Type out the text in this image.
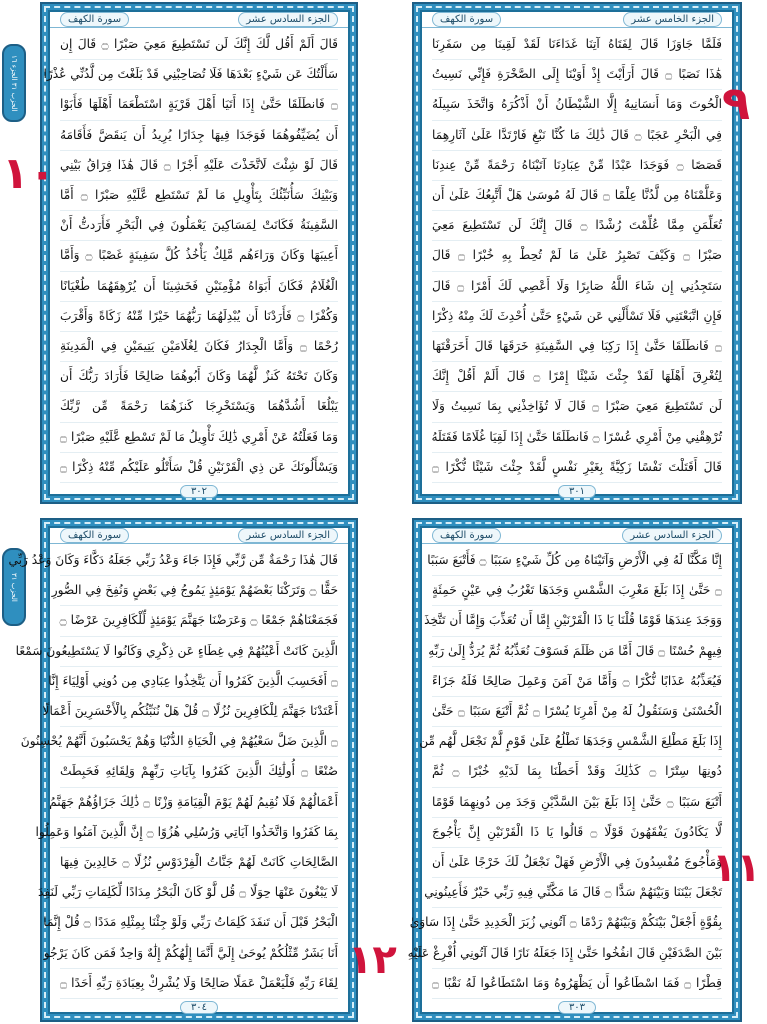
الحزب ٣١ الجزء ١٦
الحزب ٣١
سورة الكهف	الجزء السادس عشر
قَالَ أَلَمْ أَقُل لَّكَ إِنَّكَ لَن تَسْتَطِيعَ مَعِيَ صَبْرًا ۝ قَالَ إِن
سَأَلْتُكَ عَن شَيْءٍ بَعْدَهَا فَلَا تُصَاحِبْنِي قَدْ بَلَغْتَ مِن لَّدُنِّي عُذْرًا
۝ فَانطَلَقَا حَتَّىٰ إِذَا أَتَيَا أَهْلَ قَرْيَةٍ اسْتَطْعَمَا أَهْلَهَا فَأَبَوْا
أَن يُضَيِّفُوهُمَا فَوَجَدَا فِيهَا جِدَارًا يُرِيدُ أَن يَنقَضَّ فَأَقَامَهُ
قَالَ لَوْ شِئْتَ لَاتَّخَذْتَ عَلَيْهِ أَجْرًا ۝ قَالَ هَٰذَا فِرَاقُ بَيْنِي
وَبَيْنِكَ سَأُنَبِّئُكَ بِتَأْوِيلِ مَا لَمْ تَسْتَطِع عَّلَيْهِ صَبْرًا ۝ أَمَّا
السَّفِينَةُ فَكَانَتْ لِمَسَاكِينَ يَعْمَلُونَ فِي الْبَحْرِ فَأَرَدتُّ أَنْ
أَعِيبَهَا وَكَانَ وَرَاءَهُم مَّلِكٌ يَأْخُذُ كُلَّ سَفِينَةٍ غَصْبًا ۝ وَأَمَّا
الْغُلَامُ فَكَانَ أَبَوَاهُ مُؤْمِنَيْنِ فَخَشِينَا أَن يُرْهِقَهُمَا طُغْيَانًا
وَكُفْرًا ۝ فَأَرَدْنَا أَن يُبْدِلَهُمَا رَبُّهُمَا خَيْرًا مِّنْهُ زَكَاةً وَأَقْرَبَ
رُحْمًا ۝ وَأَمَّا الْجِدَارُ فَكَانَ لِغُلَامَيْنِ يَتِيمَيْنِ فِي الْمَدِينَةِ
وَكَانَ تَحْتَهُ كَنزٌ لَّهُمَا وَكَانَ أَبُوهُمَا صَالِحًا فَأَرَادَ رَبُّكَ أَن
يَبْلُغَا أَشُدَّهُمَا وَيَسْتَخْرِجَا كَنزَهُمَا رَحْمَةً مِّن رَّبِّكَ
وَمَا فَعَلْتُهُ عَنْ أَمْرِي ذَٰلِكَ تَأْوِيلُ مَا لَمْ تَسْطِع عَّلَيْهِ صَبْرًا ۝
وَيَسْأَلُونَكَ عَن ذِي الْقَرْنَيْنِ قُلْ سَأَتْلُو عَلَيْكُم مِّنْهُ ذِكْرًا ۝
٣٠٢
سورة الكهف	الجزء الخامس عشر
فَلَمَّا جَاوَزَا قَالَ لِفَتَاهُ آتِنَا غَدَاءَنَا لَقَدْ لَقِينَا مِن سَفَرِنَا
هَٰذَا نَصَبًا ۝ قَالَ أَرَأَيْتَ إِذْ أَوَيْنَا إِلَى الصَّخْرَةِ فَإِنِّي نَسِيتُ
الْحُوتَ وَمَا أَنسَانِيهُ إِلَّا الشَّيْطَانُ أَنْ أَذْكُرَهُ وَاتَّخَذَ سَبِيلَهُ
فِي الْبَحْرِ عَجَبًا ۝ قَالَ ذَٰلِكَ مَا كُنَّا نَبْغِ فَارْتَدَّا عَلَىٰ آثَارِهِمَا
قَصَصًا ۝ فَوَجَدَا عَبْدًا مِّنْ عِبَادِنَا آتَيْنَاهُ رَحْمَةً مِّنْ عِندِنَا
وَعَلَّمْنَاهُ مِن لَّدُنَّا عِلْمًا ۝ قَالَ لَهُ مُوسَىٰ هَلْ أَتَّبِعُكَ عَلَىٰ أَن
تُعَلِّمَنِ مِمَّا عُلِّمْتَ رُشْدًا ۝ قَالَ إِنَّكَ لَن تَسْتَطِيعَ مَعِيَ
صَبْرًا ۝ وَكَيْفَ تَصْبِرُ عَلَىٰ مَا لَمْ تُحِطْ بِهِ خُبْرًا ۝ قَالَ
سَتَجِدُنِي إِن شَاءَ اللَّهُ صَابِرًا وَلَا أَعْصِي لَكَ أَمْرًا ۝ قَالَ
فَإِنِ اتَّبَعْتَنِي فَلَا تَسْأَلْنِي عَن شَيْءٍ حَتَّىٰ أُحْدِثَ لَكَ مِنْهُ ذِكْرًا
۝ فَانطَلَقَا حَتَّىٰ إِذَا رَكِبَا فِي السَّفِينَةِ خَرَقَهَا قَالَ أَخَرَقْتَهَا
لِتُغْرِقَ أَهْلَهَا لَقَدْ جِئْتَ شَيْئًا إِمْرًا ۝ قَالَ أَلَمْ أَقُلْ إِنَّكَ
لَن تَسْتَطِيعَ مَعِيَ صَبْرًا ۝ قَالَ لَا تُؤَاخِذْنِي بِمَا نَسِيتُ وَلَا
تُرْهِقْنِي مِنْ أَمْرِي عُسْرًا ۝ فَانطَلَقَا حَتَّىٰ إِذَا لَقِيَا غُلَامًا فَقَتَلَهُ
قَالَ أَقَتَلْتَ نَفْسًا زَكِيَّةً بِغَيْرِ نَفْسٍ لَّقَدْ جِئْتَ شَيْئًا نُّكْرًا ۝
٣٠١
سورة الكهف	الجزء السادس عشر
قَالَ هَٰذَا رَحْمَةٌ مِّن رَّبِّي فَإِذَا جَاءَ وَعْدُ رَبِّي جَعَلَهُ دَكَّاءَ وَكَانَ وَعْدُ رَبِّي
حَقًّا ۝ وَتَرَكْنَا بَعْضَهُمْ يَوْمَئِذٍ يَمُوجُ فِي بَعْضٍ وَنُفِخَ فِي الصُّورِ
فَجَمَعْنَاهُمْ جَمْعًا ۝ وَعَرَضْنَا جَهَنَّمَ يَوْمَئِذٍ لِّلْكَافِرِينَ عَرْضًا ۝
الَّذِينَ كَانَتْ أَعْيُنُهُمْ فِي غِطَاءٍ عَن ذِكْرِي وَكَانُوا لَا يَسْتَطِيعُونَ سَمْعًا
۝ أَفَحَسِبَ الَّذِينَ كَفَرُوا أَن يَتَّخِذُوا عِبَادِي مِن دُونِي أَوْلِيَاءَ إِنَّا
أَعْتَدْنَا جَهَنَّمَ لِلْكَافِرِينَ نُزُلًا ۝ قُلْ هَلْ نُنَبِّئُكُم بِالْأَخْسَرِينَ أَعْمَالًا
۝ الَّذِينَ ضَلَّ سَعْيُهُمْ فِي الْحَيَاةِ الدُّنْيَا وَهُمْ يَحْسَبُونَ أَنَّهُمْ يُحْسِنُونَ
صُنْعًا ۝ أُولَٰئِكَ الَّذِينَ كَفَرُوا بِآيَاتِ رَبِّهِمْ وَلِقَائِهِ فَحَبِطَتْ
أَعْمَالُهُمْ فَلَا نُقِيمُ لَهُمْ يَوْمَ الْقِيَامَةِ وَزْنًا ۝ ذَٰلِكَ جَزَاؤُهُمْ جَهَنَّمُ
بِمَا كَفَرُوا وَاتَّخَذُوا آيَاتِي وَرُسُلِي هُزُوًا ۝ إِنَّ الَّذِينَ آمَنُوا وَعَمِلُوا
الصَّالِحَاتِ كَانَتْ لَهُمْ جَنَّاتُ الْفِرْدَوْسِ نُزُلًا ۝ خَالِدِينَ فِيهَا
لَا يَبْغُونَ عَنْهَا حِوَلًا ۝ قُل لَّوْ كَانَ الْبَحْرُ مِدَادًا لِّكَلِمَاتِ رَبِّي لَنَفِدَ
الْبَحْرُ قَبْلَ أَن تَنفَدَ كَلِمَاتُ رَبِّي وَلَوْ جِئْنَا بِمِثْلِهِ مَدَدًا ۝ قُلْ إِنَّمَا
أَنَا بَشَرٌ مِّثْلُكُمْ يُوحَىٰ إِلَيَّ أَنَّمَا إِلَٰهُكُمْ إِلَٰهٌ وَاحِدٌ فَمَن كَانَ يَرْجُو
لِقَاءَ رَبِّهِ فَلْيَعْمَلْ عَمَلًا صَالِحًا وَلَا يُشْرِكْ بِعِبَادَةِ رَبِّهِ أَحَدًا ۝
٣٠٤
سورة الكهف	الجزء السادس عشر
إِنَّا مَكَّنَّا لَهُ فِي الْأَرْضِ وَآتَيْنَاهُ مِن كُلِّ شَيْءٍ سَبَبًا ۝ فَأَتْبَعَ سَبَبًا
۝ حَتَّىٰ إِذَا بَلَغَ مَغْرِبَ الشَّمْسِ وَجَدَهَا تَغْرُبُ فِي عَيْنٍ حَمِئَةٍ
وَوَجَدَ عِندَهَا قَوْمًا قُلْنَا يَا ذَا الْقَرْنَيْنِ إِمَّا أَن تُعَذِّبَ وَإِمَّا أَن تَتَّخِذَ
فِيهِمْ حُسْنًا ۝ قَالَ أَمَّا مَن ظَلَمَ فَسَوْفَ نُعَذِّبُهُ ثُمَّ يُرَدُّ إِلَىٰ رَبِّهِ
فَيُعَذِّبُهُ عَذَابًا نُّكْرًا ۝ وَأَمَّا مَنْ آمَنَ وَعَمِلَ صَالِحًا فَلَهُ جَزَاءً
الْحُسْنَىٰ وَسَنَقُولُ لَهُ مِنْ أَمْرِنَا يُسْرًا ۝ ثُمَّ أَتْبَعَ سَبَبًا ۝ حَتَّىٰ
إِذَا بَلَغَ مَطْلِعَ الشَّمْسِ وَجَدَهَا تَطْلُعُ عَلَىٰ قَوْمٍ لَّمْ نَجْعَل لَّهُم مِّن
دُونِهَا سِتْرًا ۝ كَذَٰلِكَ وَقَدْ أَحَطْنَا بِمَا لَدَيْهِ خُبْرًا ۝ ثُمَّ
أَتْبَعَ سَبَبًا ۝ حَتَّىٰ إِذَا بَلَغَ بَيْنَ السَّدَّيْنِ وَجَدَ مِن دُونِهِمَا قَوْمًا
لَّا يَكَادُونَ يَفْقَهُونَ قَوْلًا ۝ قَالُوا يَا ذَا الْقَرْنَيْنِ إِنَّ يَأْجُوجَ
وَمَأْجُوجَ مُفْسِدُونَ فِي الْأَرْضِ فَهَلْ نَجْعَلُ لَكَ خَرْجًا عَلَىٰ أَن
تَجْعَلَ بَيْنَنَا وَبَيْنَهُمْ سَدًّا ۝ قَالَ مَا مَكَّنِّي فِيهِ رَبِّي خَيْرٌ فَأَعِينُونِي
بِقُوَّةٍ أَجْعَلْ بَيْنَكُمْ وَبَيْنَهُمْ رَدْمًا ۝ آتُونِي زُبَرَ الْحَدِيدِ حَتَّىٰ إِذَا سَاوَىٰ
بَيْنَ الصَّدَفَيْنِ قَالَ انفُخُوا حَتَّىٰ إِذَا جَعَلَهُ نَارًا قَالَ آتُونِي أُفْرِغْ عَلَيْهِ
قِطْرًا ۝ فَمَا اسْطَاعُوا أَن يَظْهَرُوهُ وَمَا اسْتَطَاعُوا لَهُ نَقْبًا ۝
٣٠٣
٩
١٠
١١
١٢
